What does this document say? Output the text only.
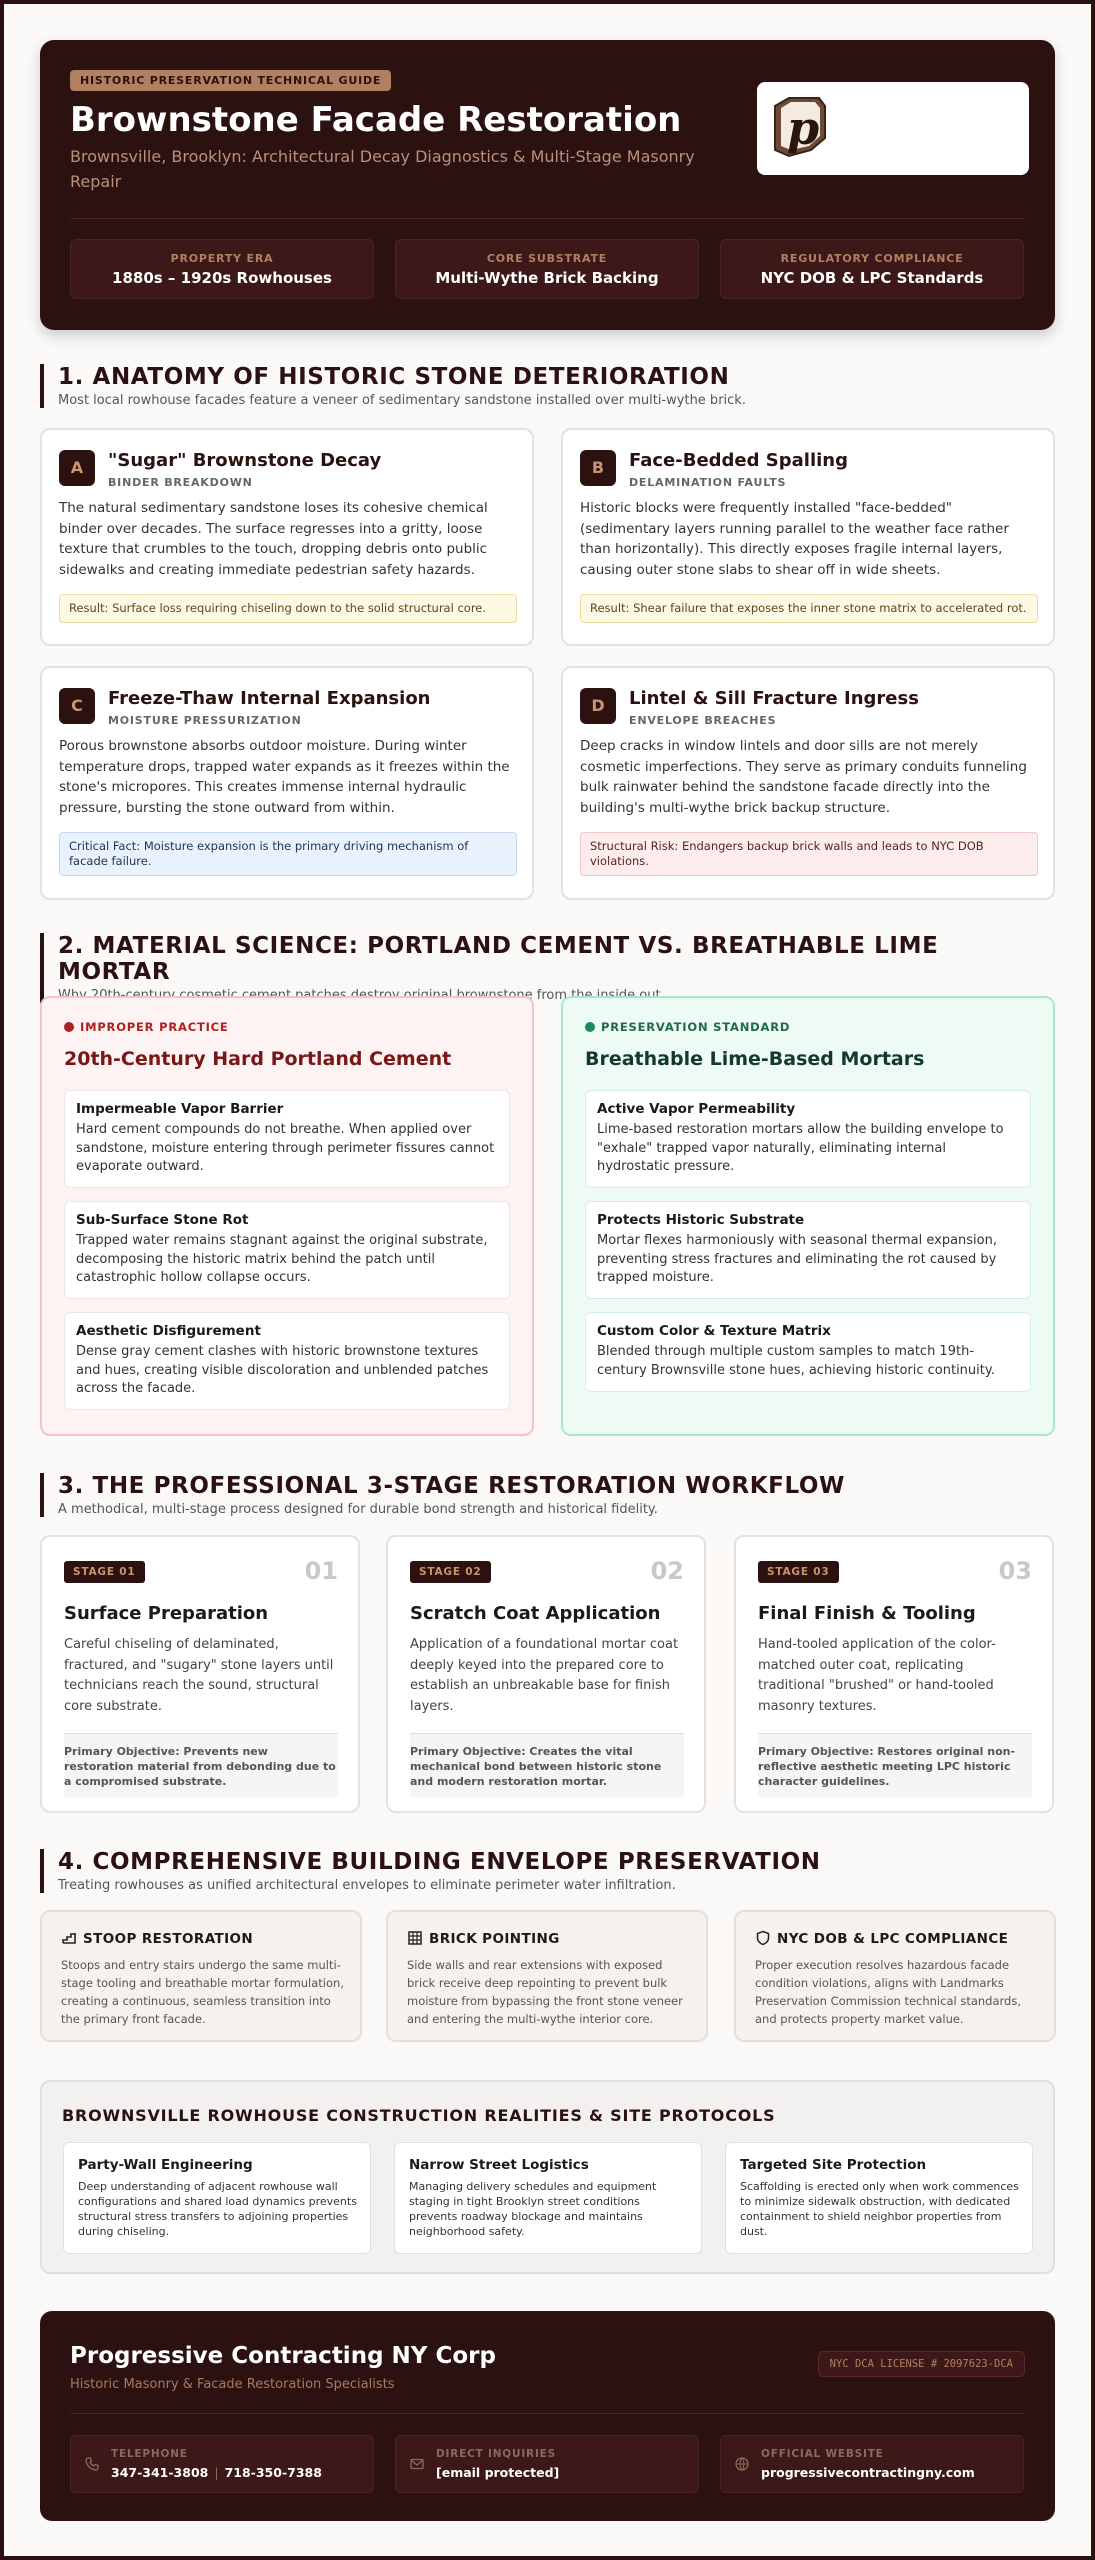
HISTORIC PRESERVATION TECHNICAL GUIDE
Brownstone Facade Restoration
Brownsville, Brooklyn: Architectural Decay Diagnostics & Multi-Stage Masonry Repair
p
PROPERTY ERA
1880s – 1920s Rowhouses
CORE SUBSTRATE
Multi-Wythe Brick Backing
REGULATORY COMPLIANCE
NYC DOB & LPC Standards
1. ANATOMY OF HISTORIC STONE DETERIORATION
Most local rowhouse facades feature a veneer of sedimentary sandstone installed over multi-wythe brick.
A	"Sugar" Brownstone Decay
BINDER BREAKDOWN
The natural sedimentary sandstone loses its cohesive chemical binder over decades. The surface regresses into a gritty, loose texture that crumbles to the touch, dropping debris onto public sidewalks and creating immediate pedestrian safety hazards.
Result: Surface loss requiring chiseling down to the solid structural core.
B	Face-Bedded Spalling
DELAMINATION FAULTS
Historic blocks were frequently installed "face-bedded" (sedimentary layers running parallel to the weather face rather than horizontally). This directly exposes fragile internal layers, causing outer stone slabs to shear off in wide sheets.
Result: Shear failure that exposes the inner stone matrix to accelerated rot.
C	Freeze-Thaw Internal Expansion
MOISTURE PRESSURIZATION
Porous brownstone absorbs outdoor moisture. During winter temperature drops, trapped water expands as it freezes within the stone's micropores. This creates immense internal hydraulic pressure, bursting the stone outward from within.
Critical Fact: Moisture expansion is the primary driving mechanism of facade failure.
D	Lintel & Sill Fracture Ingress
ENVELOPE BREACHES
Deep cracks in window lintels and door sills are not merely cosmetic imperfections. They serve as primary conduits funneling bulk rainwater behind the sandstone facade directly into the building's multi-wythe brick backup structure.
Structural Risk: Endangers backup brick walls and leads to NYC DOB violations.
2. MATERIAL SCIENCE: PORTLAND CEMENT VS. BREATHABLE LIME MORTAR
from
IMPROPER PRACTICE
20th-Century Hard Portland Cement
Impermeable Vapor Barrier

Hard cement compounds do not breathe. When applied over sandstone, moisture entering through perimeter fissures cannot evaporate outward.

Sub-Surface Stone Rot

Trapped water remains stagnant against the original substrate, decomposing the historic matrix behind the patch until catastrophic hollow collapse occurs.

Aesthetic Disfigurement

Dense gray cement clashes with historic brownstone textures and hues, creating visible discoloration and unblended patches across the facade.

PRESERVATION STANDARD
Breathable Lime-Based Mortars
Active Vapor Permeability

Lime-based restoration mortars allow the building envelope to "exhale" trapped vapor naturally, eliminating internal hydrostatic pressure.

Protects Historic Substrate

Mortar flexes harmoniously with seasonal thermal expansion, preventing stress fractures and eliminating the rot caused by trapped moisture.

Custom Color & Texture Matrix

Blended through multiple custom samples to match 19th-century Brownsville stone hues, achieving historic continuity.

3. THE PROFESSIONAL 3-STAGE RESTORATION WORKFLOW
A methodical, multi-stage process designed for durable bond strength and historical fidelity.
STAGE 01	01
Surface Preparation
Careful chiseling of delaminated, fractured, and "sugary" stone layers until technicians reach the sound, structural core substrate.
Primary Objective: Prevents new restoration material from debonding due to a compromised substrate.
STAGE 02	02
Scratch Coat Application
Application of a foundational mortar coat deeply keyed into the prepared core to establish an unbreakable base for finish layers.
Primary Objective: Creates the vital mechanical bond between historic stone and modern restoration mortar.
STAGE 03	03
Final Finish & Tooling
Hand-tooled application of the color-matched outer coat, replicating traditional "brushed" or hand-tooled masonry textures.
Primary Objective: Restores original non-reflective aesthetic meeting LPC historic character guidelines.
4. COMPREHENSIVE BUILDING ENVELOPE PRESERVATION
Treating rowhouses as unified architectural envelopes to eliminate perimeter water infiltration.
STOOP RESTORATION
Stoops and entry stairs undergo the same multi-stage tooling and breathable mortar formulation, creating a continuous, seamless transition into the primary front facade.
BRICK POINTING
Side walls and rear extensions with exposed brick receive deep repointing to prevent bulk moisture from bypassing the front stone veneer and entering the multi-wythe interior core.
NYC DOB & LPC COMPLIANCE
Proper execution resolves hazardous facade condition violations, aligns with Landmarks Preservation Commission technical standards, and protects property market value.
BROWNSVILLE ROWHOUSE CONSTRUCTION REALITIES & SITE PROTOCOLS
Party-Wall Engineering

Deep understanding of adjacent rowhouse wall configurations and shared load dynamics prevents structural stress transfers to adjoining properties during chiseling.

Narrow Street Logistics

Managing delivery schedules and equipment staging in tight Brooklyn street conditions prevents roadway blockage and maintains neighborhood safety.

Targeted Site Protection

Scaffolding is erected only when work commences to minimize sidewalk obstruction, with dedicated containment to shield neighbor properties from dust.

Progressive Contracting NY Corp
Historic Masonry & Facade Restoration Specialists
NYC DCA LICENSE # 2097623-DCA
TELEPHONE
347-341-3808 | 718-350-7388
DIRECT INQUIRIES
[email protected]
OFFICIAL WEBSITE
progressivecontractingny.com
